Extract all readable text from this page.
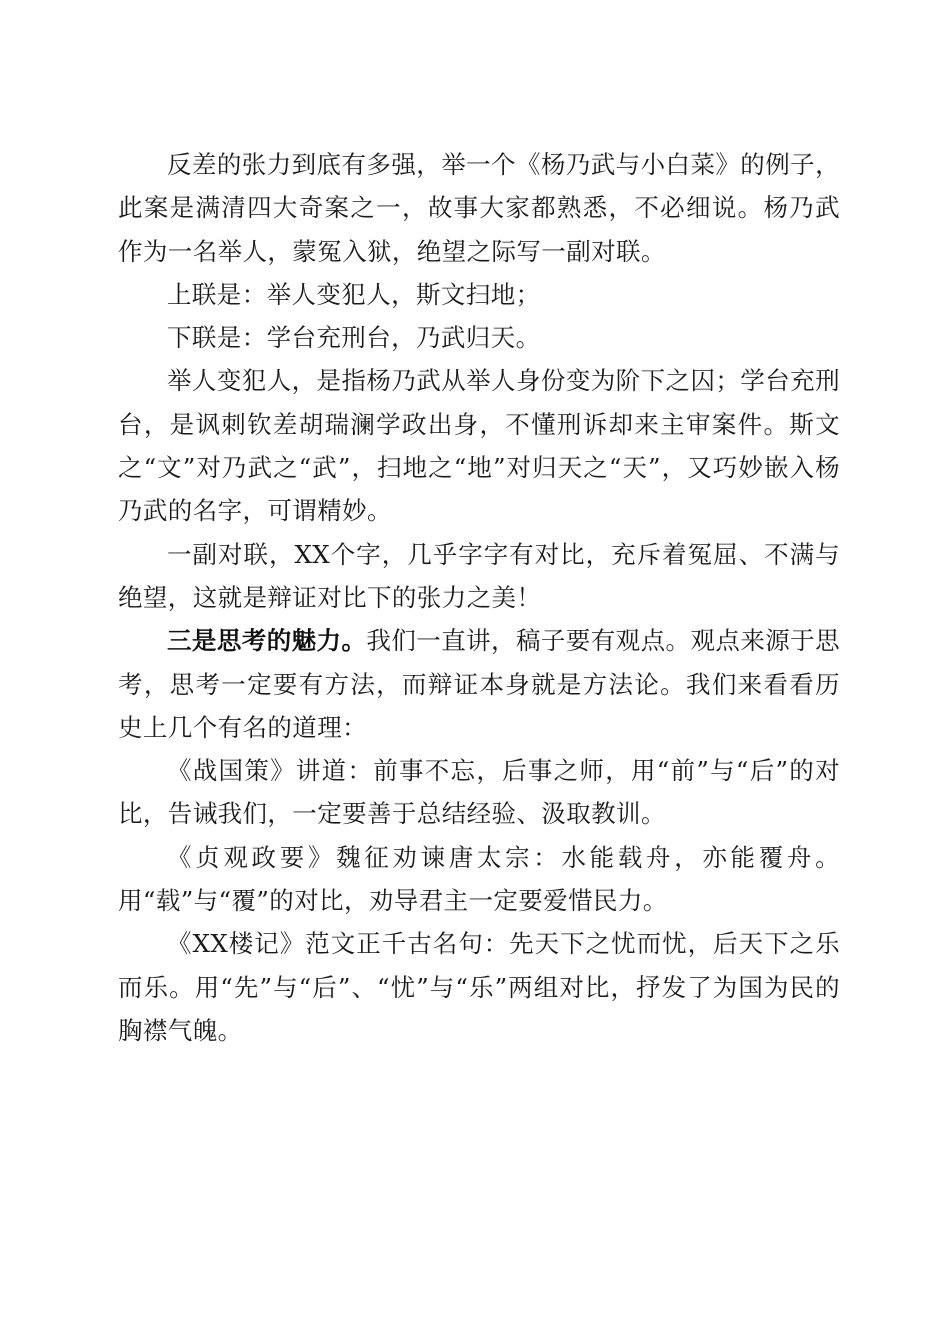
反差的张力到底有多强，举一个《杨乃武与小白菜》的例子，此案是满清四大奇案之一，故事大家都熟悉，不必细说。杨乃武作为一名举人，蒙冤入狱，绝望之际写一副对联。

上联是：举人变犯人，斯文扫地；

下联是：学台充刑台，乃武归天。

举人变犯人，是指杨乃武从举人身份变为阶下之囚；学台充刑台，是讽刺钦差胡瑞澜学政出身，不懂刑诉却来主审案件。斯文之“文”对乃武之“武”，扫地之“地”对归天之“天”，又巧妙嵌入杨乃武的名字，可谓精妙。

一副对联，XX个字，几乎字字有对比，充斥着冤屈、不满与绝望，这就是辩证对比下的张力之美！

三是思考的魅力。我们一直讲，稿子要有观点。观点来源于思考，思考一定要有方法，而辩证本身就是方法论。我们来看看历史上几个有名的道理：

《战国策》讲道：前事不忘，后事之师，用“前”与“后”的对比，告诫我们，一定要善于总结经验、汲取教训。

《贞观政要》魏征劝谏唐太宗：水能载舟，亦能覆舟。用“载”与“覆”的对比，劝导君主一定要爱惜民力。

《XX楼记》范文正千古名句：先天下之忧而忧，后天下之乐而乐。用“先”与“后”、“忧”与“乐”两组对比，抒发了为国为民的胸襟气魄。
